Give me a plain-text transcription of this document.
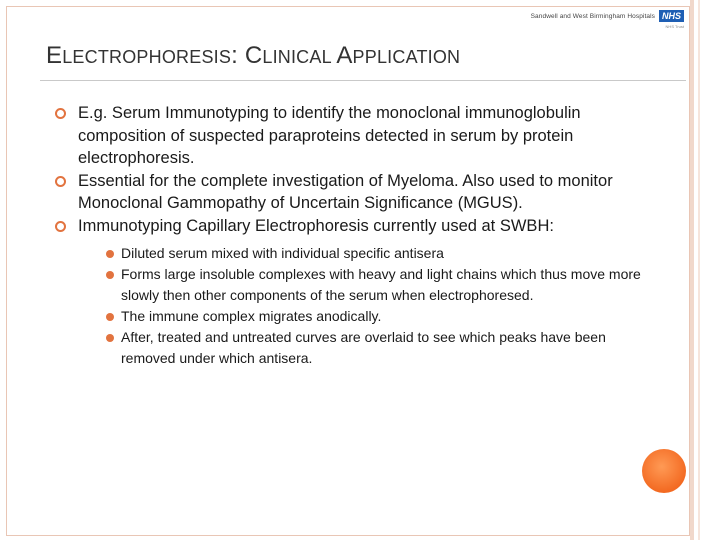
Sandwell and West Birmingham Hospitals NHS
NHS Trust
ELECTROPHORESIS: CLINICAL APPLICATION
E.g. Serum Immunotyping to identify the monoclonal immunoglobulin composition of suspected paraproteins detected in serum by protein electrophoresis.
Essential for the complete investigation of Myeloma. Also used to monitor Monoclonal Gammopathy of Uncertain Significance (MGUS).
Immunotyping Capillary Electrophoresis currently used at SWBH:
Diluted serum mixed with individual specific antisera
Forms large insoluble complexes with heavy and light chains which thus move more slowly then other components of the serum when electrophoresed.
The immune complex migrates anodically.
After, treated and untreated curves are overlaid to see which peaks have been removed under which antisera.
